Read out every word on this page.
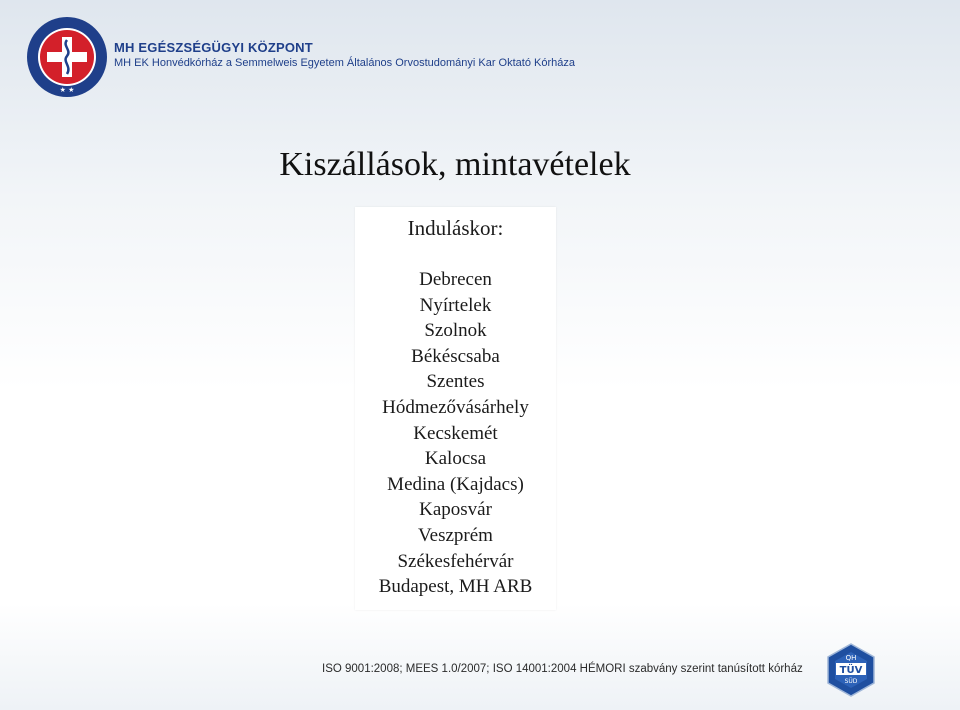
★ ★
MH EGÉSZSÉGÜGYI KÖZPONT
MH EK Honvédkórház a Semmelweis Egyetem Általános Orvostudományi Kar Oktató Kórháza
Kiszállások, mintavételek
Induláskor:
Debrecen
Nyírtelek
Szolnok
Békéscsaba
Szentes
Hódmezővásárhely
Kecskemét
Kalocsa
Medina (Kajdacs)
Kaposvár
Veszprém
Székesfehérvár
Budapest, MH ARB
ISO 9001:2008; MEES 1.0/2007; ISO 14001:2004 HÉMORI szabvány szerint tanúsított kórház
QH
TÜV
SÜD
